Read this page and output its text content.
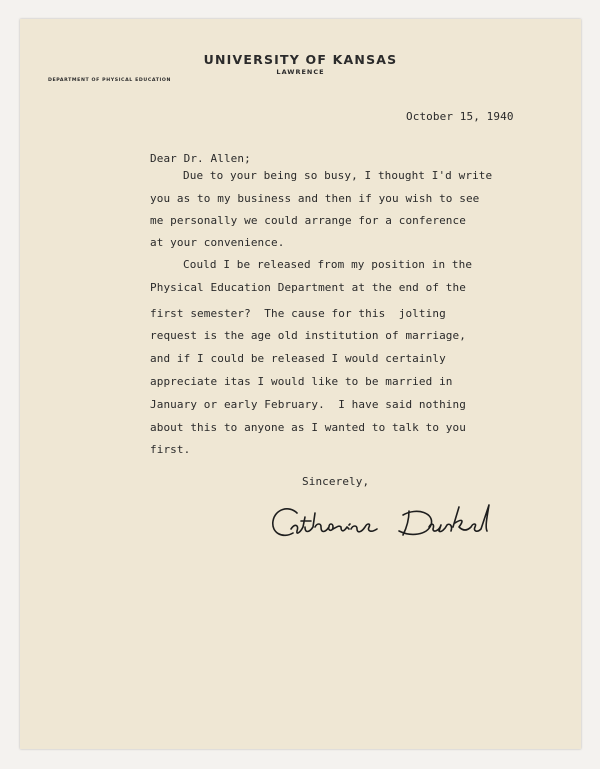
UNIVERSITY OF KANSAS
LAWRENCE
DEPARTMENT OF PHYSICAL EDUCATION
October 15, 1940
Dear Dr. Allen;
Due to your being so busy, I thought I'd write
you as to my business and then if you wish to see
me personally we could arrange for a conference
at your convenience.
Could I be released from my position in the
Physical Education Department at the end of the
first semester?  The cause for this  jolting
request is the age old institution of marriage,
and if I could be released I would certainly
appreciate itas I would like to be married in
January or early February.  I have said nothing
about this to anyone as I wanted to talk to you
first.
Sincerely,
